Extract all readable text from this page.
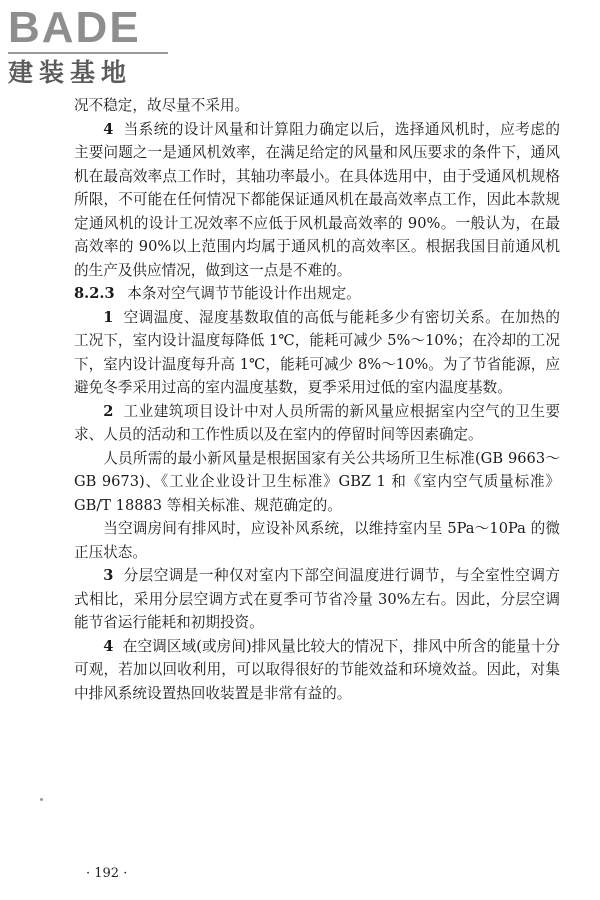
BADE
建装基地

况不稳定，故尽量不采用。

4 当系统的设计风量和计算阻力确定以后，选择通风机时，应考虑的主要问题之一是通风机效率，在满足给定的风量和风压要求的条件下，通风机在最高效率点工作时，其轴功率最小。在具体选用中，由于受通风机规格所限，不可能在任何情况下都能保证通风机在最高效率点工作，因此本款规定通风机的设计工况效率不应低于风机最高效率的 90%。一般认为，在最高效率的 90%以上范围内均属于通风机的高效率区。根据我国目前通风机的生产及供应情况，做到这一点是不难的。

8.2.3 本条对空气调节节能设计作出规定。

1 空调温度、湿度基数取值的高低与能耗多少有密切关系。在加热的工况下，室内设计温度每降低 1℃，能耗可减少 5%～10%；在冷却的工况下，室内设计温度每升高 1℃，能耗可减少 8%～10%。为了节省能源，应避免冬季采用过高的室内温度基数，夏季采用过低的室内温度基数。

2 工业建筑项目设计中对人员所需的新风量应根据室内空气的卫生要求、人员的活动和工作性质以及在室内的停留时间等因素确定。

人员所需的最小新风量是根据国家有关公共场所卫生标准(GB 9663～GB 9673)、《工业企业设计卫生标准》GBZ 1 和《室内空气质量标准》GB/T 18883 等相关标准、规范确定的。

当空调房间有排风时，应设补风系统，以维持室内呈 5Pa～10Pa 的微正压状态。

3 分层空调是一种仅对室内下部空间温度进行调节，与全室性空调方式相比，采用分层空调方式在夏季可节省冷量 30%左右。因此，分层空调能节省运行能耗和初期投资。

4 在空调区域(或房间)排风量比较大的情况下，排风中所含的能量十分可观，若加以回收利用，可以取得很好的节能效益和环境效益。因此，对集中排风系统设置热回收装置是非常有益的。

· 192 ·
